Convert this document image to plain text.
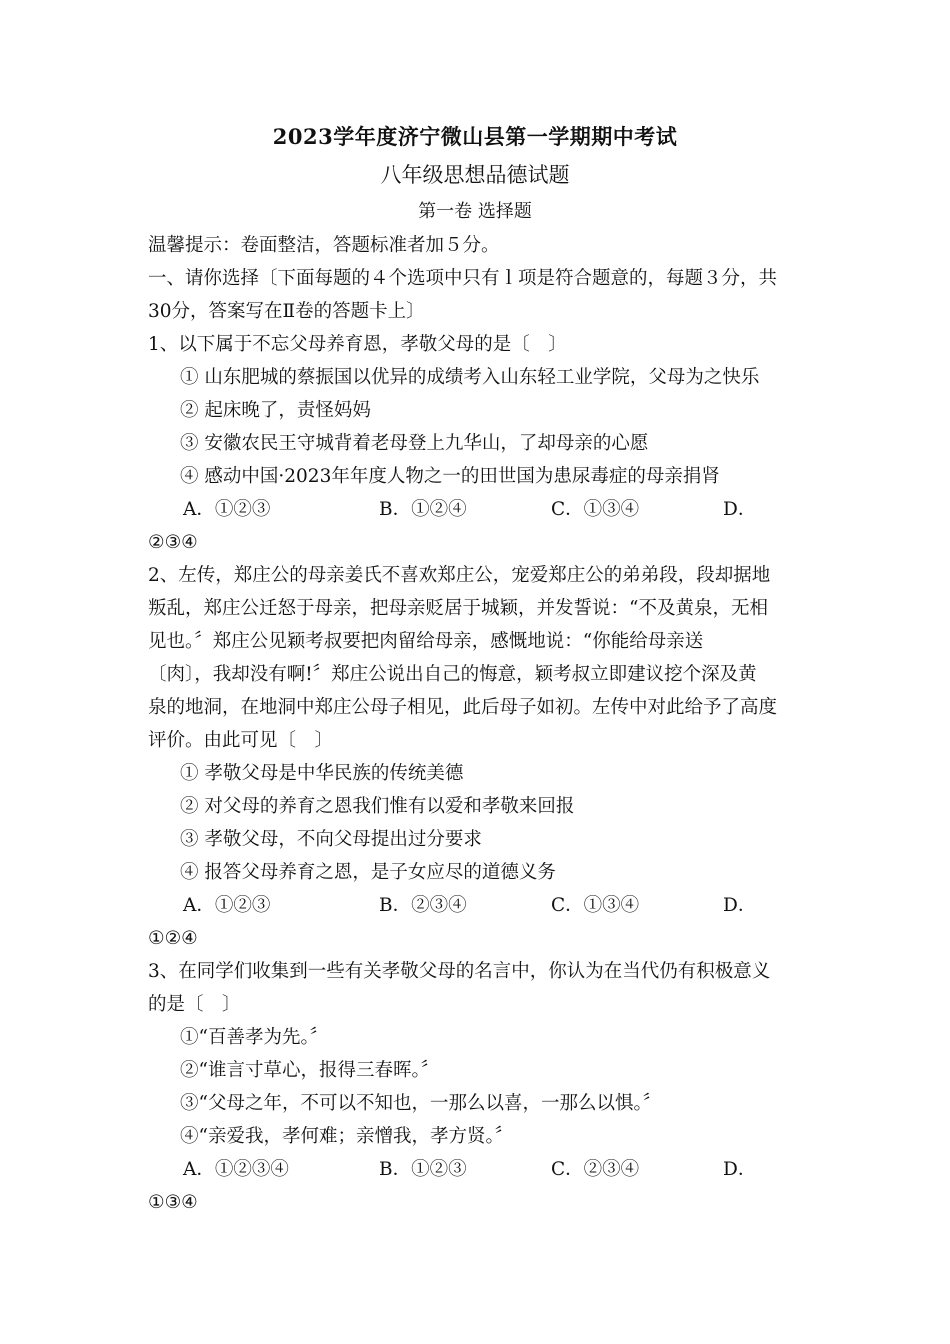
2023学年度济宁微山县第一学期期中考试
八年级思想品德试题
第一卷 选择题
温馨提示：卷面整洁，答题标准者加５分。
一、请你选择〔下面每题的４个选项中只有ｌ项是符合题意的，每题３分，共
30分，答案写在Ⅱ卷的答题卡上〕
1、以下属于不忘父母养育恩，孝敬父母的是〔　〕
① 山东肥城的蔡振国以优异的成绩考入山东轻工业学院，父母为之快乐
② 起床晚了，责怪妈妈
③ 安徽农民王守城背着老母登上九华山，了却母亲的心愿
④ 感动中国·2023年年度人物之一的田世国为患尿毒症的母亲捐肾
A．①②③	B．①②④	C．①③④	D．
②③④
2、左传，郑庄公的母亲姜氏不喜欢郑庄公，宠爱郑庄公的弟弟段，段却据地
叛乱，郑庄公迁怒于母亲，把母亲贬居于城颖，并发誓说：“不及黄泉，无相
见也。〞郑庄公见颖考叔要把肉留给母亲，感慨地说：“你能给母亲送
〔肉〕，我却没有啊!〞郑庄公说出自己的悔意，颖考叔立即建议挖个深及黄
泉的地洞，在地洞中郑庄公母子相见，此后母子如初。左传中对此给予了高度
评价。由此可见〔　〕
① 孝敬父母是中华民族的传统美德
② 对父母的养育之恩我们惟有以爱和孝敬来回报
③ 孝敬父母，不向父母提出过分要求
④ 报答父母养育之恩，是子女应尽的道德义务
A．①②③	B．②③④	C．①③④	D．
①②④
3、在同学们收集到一些有关孝敬父母的名言中，你认为在当代仍有积极意义
的是〔　〕
①“百善孝为先。〞
②“谁言寸草心，报得三春晖。〞
③“父母之年，不可以不知也，一那么以喜，一那么以惧。〞
④“亲爱我，孝何难；亲憎我，孝方贤。〞
A．①②③④	B．①②③	C．②③④	D．
①③④
